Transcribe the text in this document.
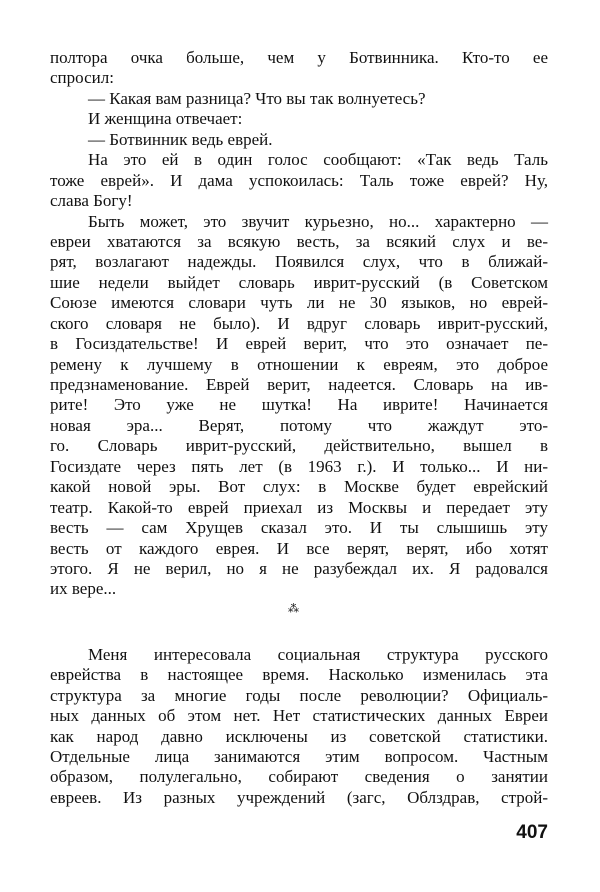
полтора очка больше, чем у Ботвинника. Кто-то ее
спросил:
— Какая вам разница? Что вы так волнуетесь?
И женщина отвечает:
— Ботвинник ведь еврей.
На это ей в один голос сообщают: «Так ведь Таль
тоже еврей». И дама успокоилась: Таль тоже еврей? Ну,
слава Богу!
Быть может, это звучит курьезно, но... характерно —
евреи хватаются за всякую весть, за всякий слух и ве-
рят, возлагают надежды. Появился слух, что в ближай-
шие недели выйдет словарь иврит-русский (в Советском
Союзе имеются словари чуть ли не 30 языков, но еврей-
ского словаря не было). И вдруг словарь иврит-русский,
в Госиздательстве! И еврей верит, что это означает пе-
ремену к лучшему в отношении к евреям, это доброе
предзнаменование. Еврей верит, надеется. Словарь на ив-
рите! Это уже не шутка! На иврите! Начинается
новая эра... Верят, потому что жаждут это-
го. Словарь иврит-русский, действительно, вышел в
Госиздате через пять лет (в 1963 г.). И только... И ни-
какой новой эры. Вот слух: в Москве будет еврейский
театр. Какой-то еврей приехал из Москвы и передает эту
весть — сам Хрущев сказал это. И ты слышишь эту
весть от каждого еврея. И все верят, верят, ибо хотят
этого. Я не верил, но я не разубеждал их. Я радовался
их вере...
⁂
Меня интересовала социальная структура русского
еврейства в настоящее время. Насколько изменилась эта
структура за многие годы после революции? Официаль-
ных данных об этом нет. Нет статистических данных Евреи
как народ давно исключены из советской статистики.
Отдельные лица занимаются этим вопросом. Частным
образом, полулегально, собирают сведения о занятии
евреев. Из разных учреждений (загс, Облздрав, строй-
407
